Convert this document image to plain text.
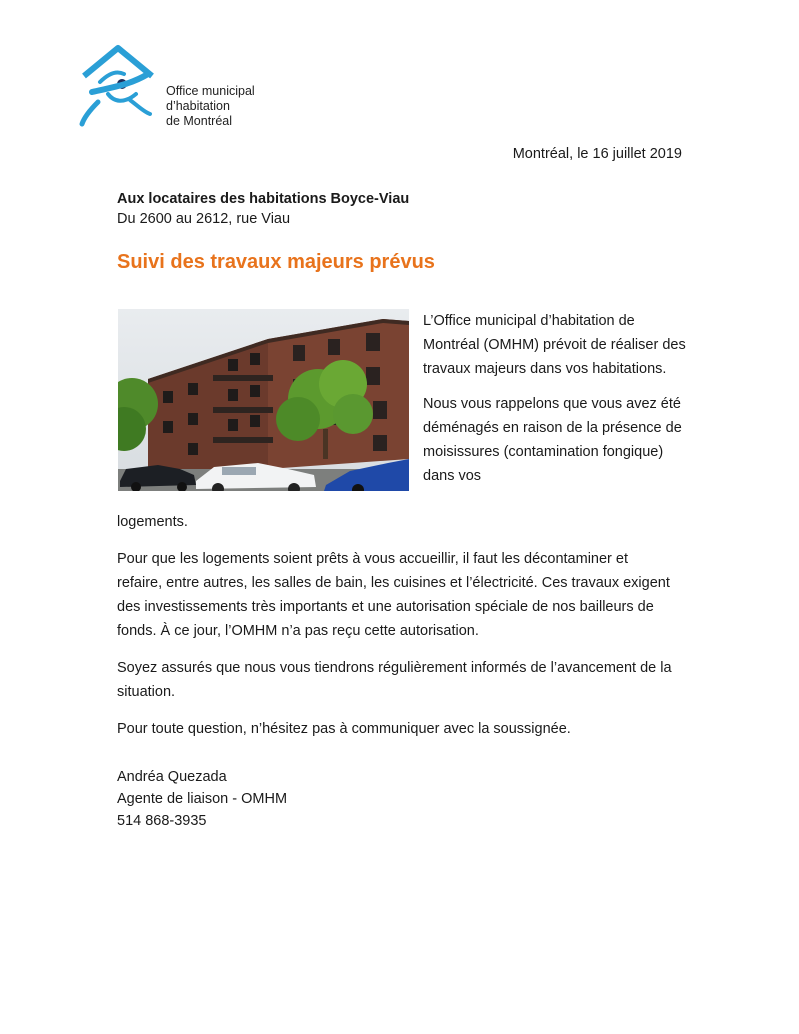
Office municipal
d’habitation
de Montréal
Montréal, le 16 juillet 2019
Aux locataires des habitations Boyce-Viau
Du 2600 au 2612, rue Viau
Suivi des travaux majeurs prévus

L’Office municipal d’habitation de Montréal (OMHM) prévoit de réaliser des travaux majeurs dans vos habitations.

Nous vous rappelons que vous avez été déménagés en raison de la présence de moisissures (contamination fongique) dans vos

logements.

Pour que les logements soient prêts à vous accueillir, il faut les décontaminer et refaire, entre autres, les salles de bain, les cuisines et l’électricité. Ces travaux exigent des investissements très importants et une autorisation spéciale de nos bailleurs de fonds. À ce jour, l’OMHM n’a pas reçu cette autorisation.

Soyez assurés que nous vous tiendrons régulièrement informés de l’avancement de la situation.

Pour toute question, n’hésitez pas à communiquer avec la soussignée.

Andréa Quezada
Agente de liaison - OMHM
514 868-3935
